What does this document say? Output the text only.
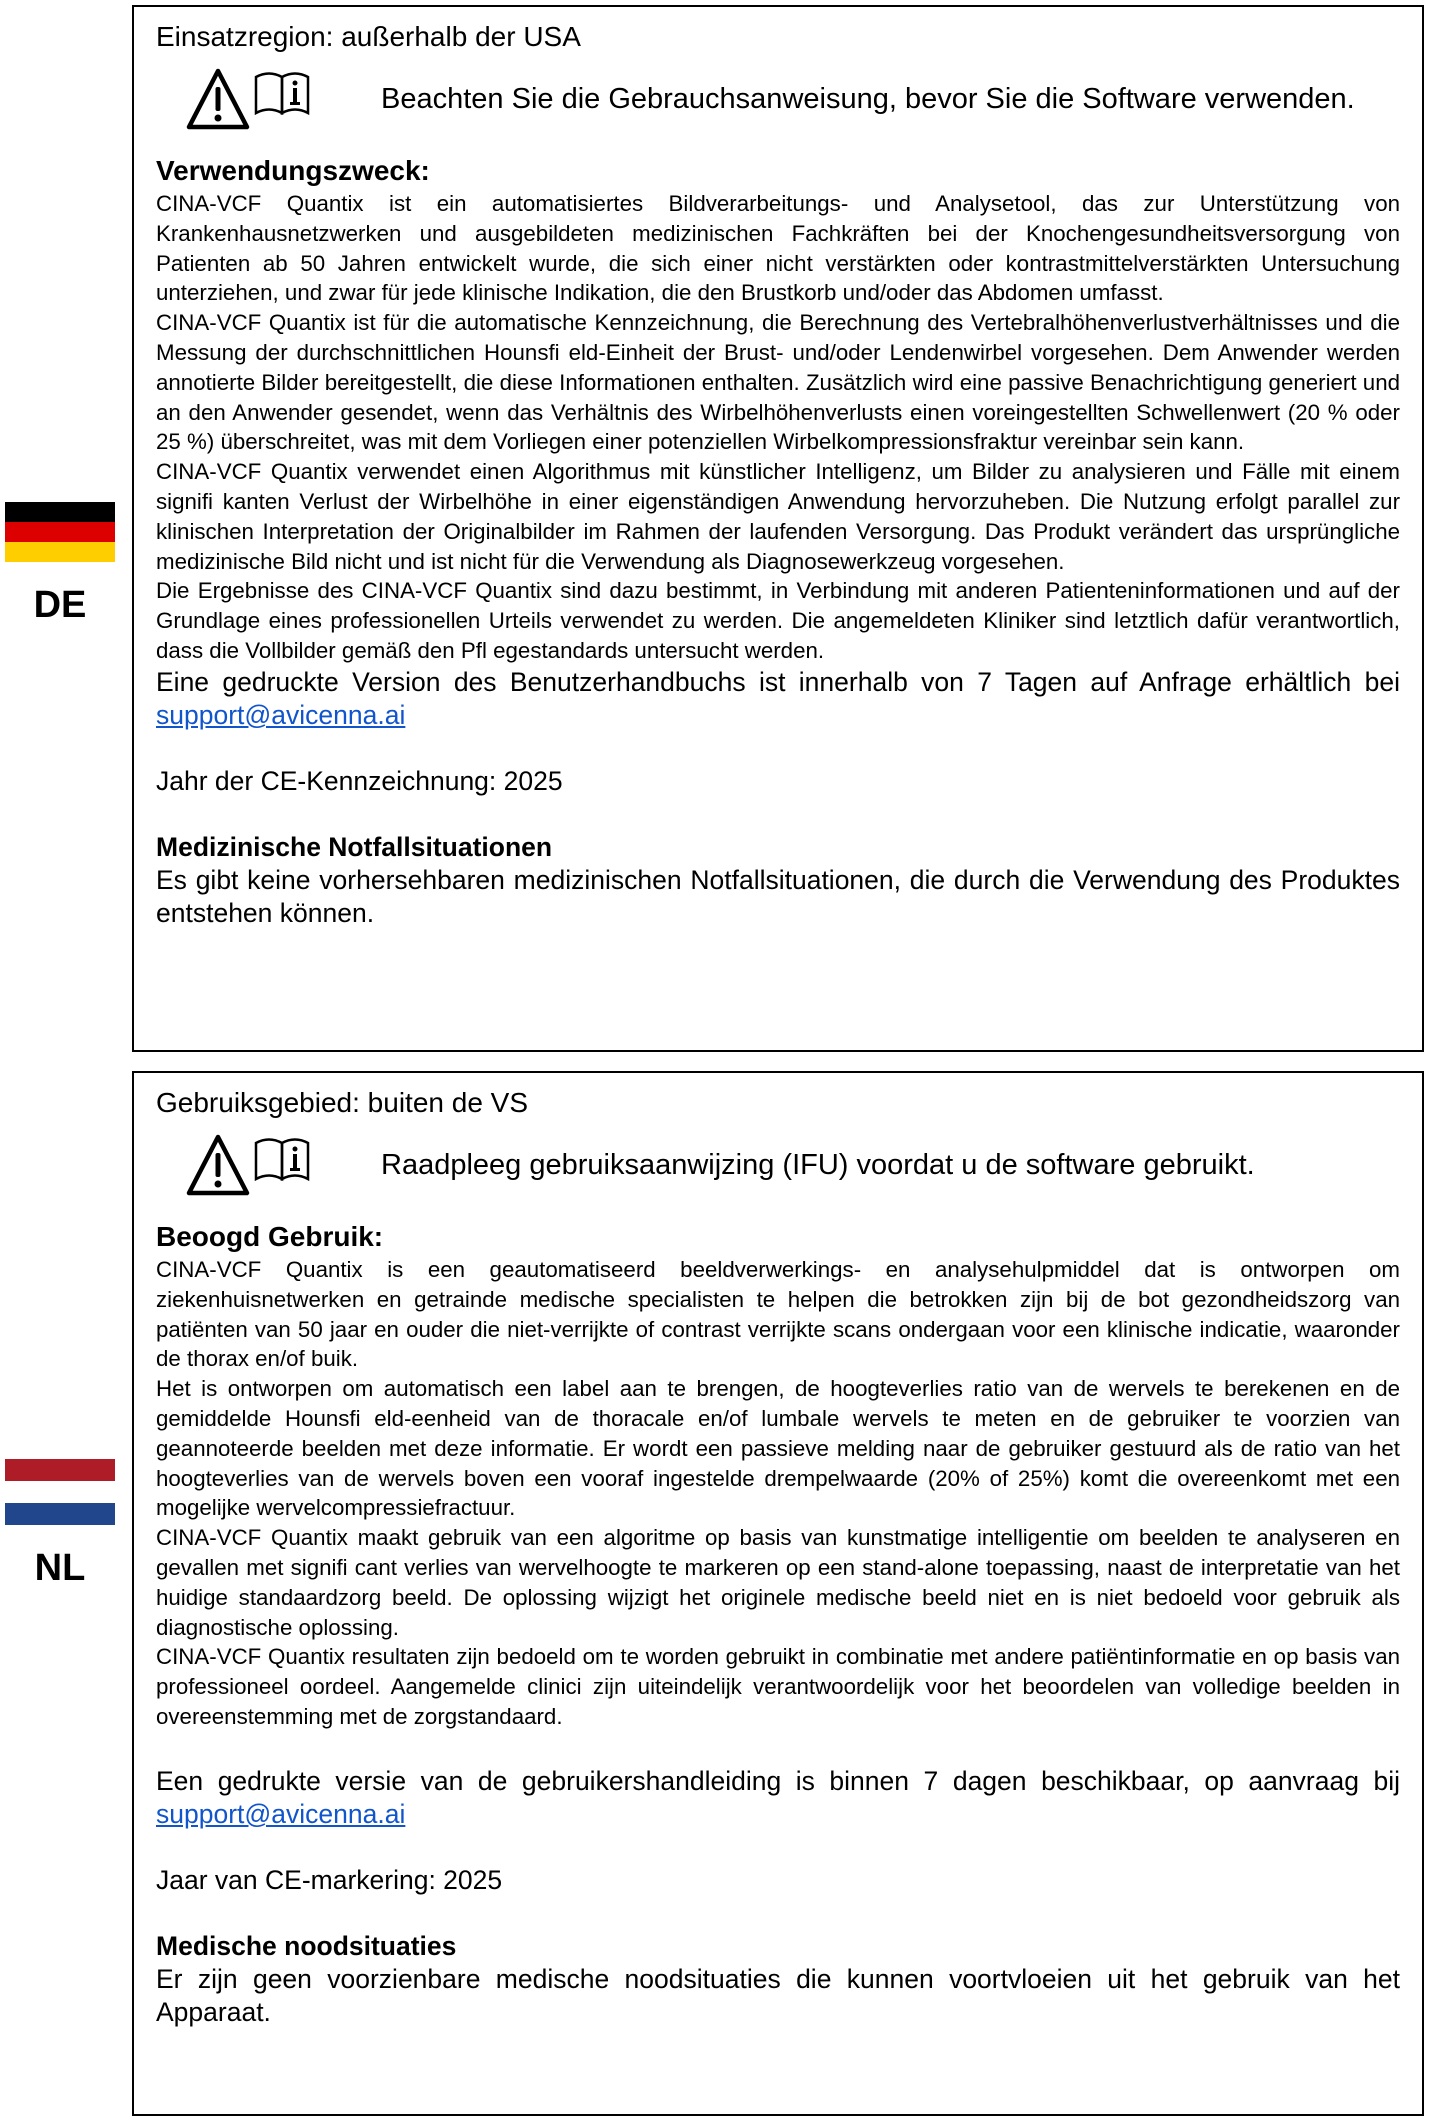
DE

Einsatzregion: außerhalb der USA

Beachten Sie die Gebrauchsanweisung, bevor Sie die Software verwenden.
Verwendungszweck:

CINA-VCF Quantix ist ein automatisiertes Bildverarbeitungs- und Analysetool, das zur Unterstützung von Krankenhausnetzwerken und ausgebildeten medizinischen Fachkräften bei der Knochengesundheitsversorgung von Patienten ab 50 Jahren entwickelt wurde, die sich einer nicht verstärkten oder kontrastmittelverstärkten Untersuchung unterziehen, und zwar für jede klinische Indikation, die den Brustkorb und/oder das Abdomen umfasst.

CINA-VCF Quantix ist für die automatische Kennzeichnung, die Berechnung des Vertebralhöhenverlustverhältnisses und die Messung der durchschnittlichen Hounsfi eld-Einheit der Brust- und/oder Lendenwirbel vorgesehen. Dem Anwender werden annotierte Bilder bereitgestellt, die diese Informationen enthalten. Zusätzlich wird eine passive Benachrichtigung generiert und an den Anwender gesendet, wenn das Verhältnis des Wirbelhöhenverlusts einen voreingestellten Schwellenwert (20 % oder 25 %) überschreitet, was mit dem Vorliegen einer potenziellen Wirbelkompressionsfraktur vereinbar sein kann.

CINA-VCF Quantix verwendet einen Algorithmus mit künstlicher Intelligenz, um Bilder zu analysieren und Fälle mit einem signifi kanten Verlust der Wirbelhöhe in einer eigenständigen Anwendung hervorzuheben. Die Nutzung erfolgt parallel zur klinischen Interpretation der Originalbilder im Rahmen der laufenden Versorgung. Das Produkt verändert das ursprüngliche medizinische Bild nicht und ist nicht für die Verwendung als Diagnosewerkzeug vorgesehen.

Die Ergebnisse des CINA-VCF Quantix sind dazu bestimmt, in Verbindung mit anderen Patienteninformationen und auf der Grundlage eines professionellen Urteils verwendet zu werden. Die angemeldeten Kliniker sind letztlich dafür verantwortlich, dass die Vollbilder gemäß den Pfl egestandards untersucht werden.

Eine gedruckte Version des Benutzerhandbuchs ist innerhalb von 7 Tagen auf Anfrage erhältlich bei support@avicenna.ai

Jahr der CE-Kennzeichnung: 2025

Medizinische Notfallsituationen

Es gibt keine vorhersehbaren medizinischen Notfallsituationen, die durch die Verwendung des Produktes entstehen können.

NL

Gebruiksgebied: buiten de VS

Raadpleeg gebruiksaanwijzing (IFU) voordat u de software gebruikt.
Beoogd Gebruik:

CINA-VCF Quantix is een geautomatiseerd beeldverwerkings- en analysehulpmiddel dat is ontworpen om ziekenhuisnetwerken en getrainde medische specialisten te helpen die betrokken zijn bij de bot gezondheidszorg van patiënten van 50 jaar en ouder die niet-verrijkte of contrast verrijkte scans ondergaan voor een klinische indicatie, waaronder de thorax en/of buik.

Het is ontworpen om automatisch een label aan te brengen, de hoogteverlies ratio van de wervels te berekenen en de gemiddelde Hounsfi eld-eenheid van de thoracale en/of lumbale wervels te meten en de gebruiker te voorzien van geannoteerde beelden met deze informatie. Er wordt een passieve melding naar de gebruiker gestuurd als de ratio van het hoogteverlies van de wervels boven een vooraf ingestelde drempelwaarde (20% of 25%) komt die overeenkomt met een mogelijke wervelcompressiefractuur.

CINA-VCF Quantix maakt gebruik van een algoritme op basis van kunstmatige intelligentie om beelden te analyseren en gevallen met signifi cant verlies van wervelhoogte te markeren op een stand-alone toepassing, naast de interpretatie van het huidige standaardzorg beeld. De oplossing wijzigt het originele medische beeld niet en is niet bedoeld voor gebruik als diagnostische oplossing.

CINA-VCF Quantix resultaten zijn bedoeld om te worden gebruikt in combinatie met andere patiëntinformatie en op basis van professioneel oordeel. Aangemelde clinici zijn uiteindelijk verantwoordelijk voor het beoordelen van volledige beelden in overeenstemming met de zorgstandaard.

Een gedrukte versie van de gebruikershandleiding is binnen 7 dagen beschikbaar, op aanvraag bij support@avicenna.ai

Jaar van CE-markering: 2025

Medische noodsituaties

Er zijn geen voorzienbare medische noodsituaties die kunnen voortvloeien uit het gebruik van het Apparaat.
